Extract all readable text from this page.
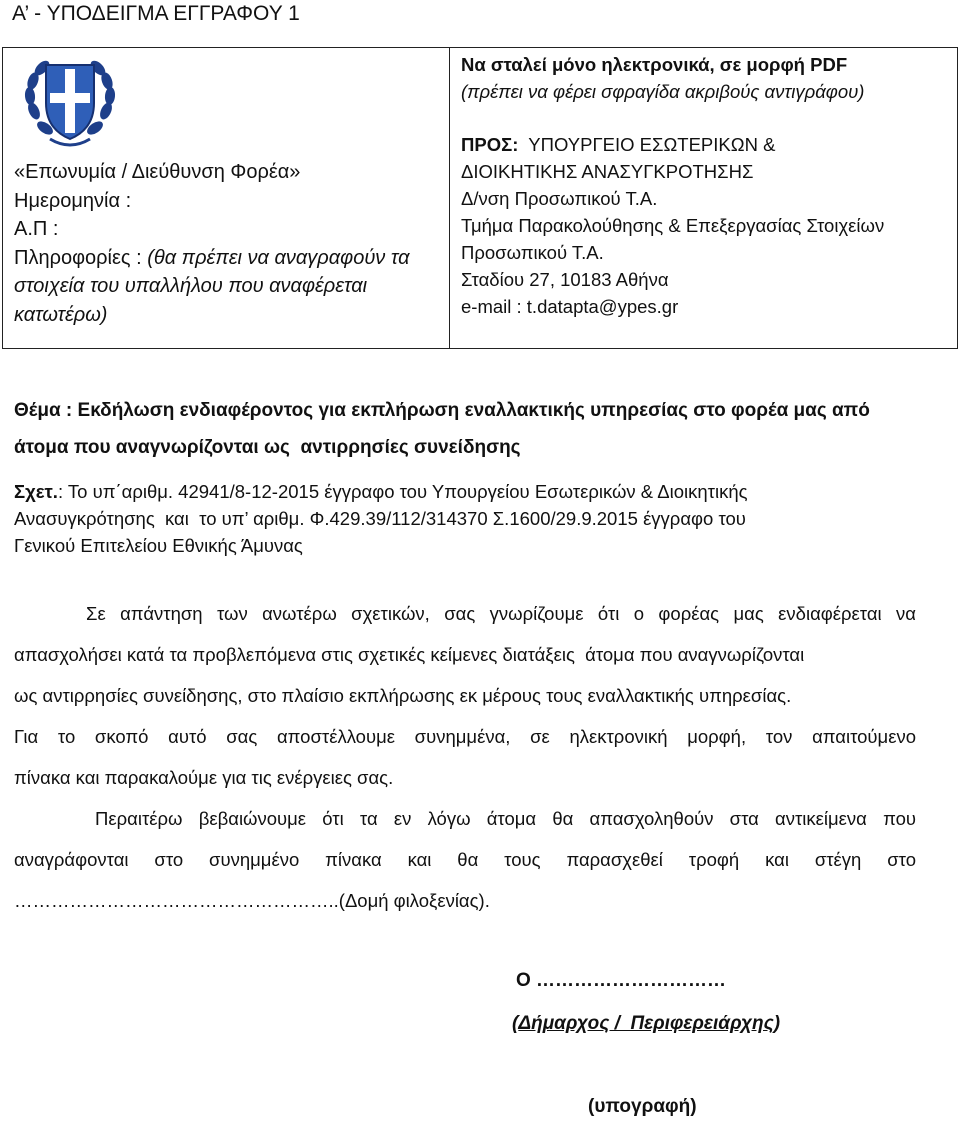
Α’ - ΥΠΟΔΕΙΓΜΑ ΕΓΓΡΑΦΟΥ 1
«Επωνυμία / Διεύθυνση Φορέα»
Ημερομηνία :
Α.Π :
Πληροφορίες : (θα πρέπει να αναγραφούν τα
στοιχεία του υπαλλήλου που αναφέρεται
κατωτέρω)
Να σταλεί μόνο ηλεκτρονικά, σε μορφή PDF
(πρέπει να φέρει σφραγίδα ακριβούς αντιγράφου)
ΠΡΟΣ:  ΥΠΟΥΡΓΕΙΟ ΕΣΩΤΕΡΙΚΩΝ &
ΔΙΟΙΚΗΤΙΚΗΣ ΑΝΑΣΥΓΚΡΟΤΗΣΗΣ
Δ/νση Προσωπικού Τ.Α.
Τμήμα Παρακολούθησης & Επεξεργασίας Στοιχείων
Προσωπικού Τ.Α.
Σταδίου 27, 10183 Αθήνα
e-mail : t.datapta@ypes.gr
Θέμα : Εκδήλωση ενδιαφέροντος για εκπλήρωση εναλλακτικής υπηρεσίας στο φορέα μας από
άτομα που αναγνωρίζονται ως  αντιρρησίες συνείδησης
Σχετ.: Το υπ΄αριθμ. 42941/8-12-2015 έγγραφο του Υπουργείου Εσωτερικών & Διοικητικής
Ανασυγκρότησης  και  το υπ’ αριθμ. Φ.429.39/112/314370 Σ.1600/29.9.2015 έγγραφο του
Γενικού Επιτελείου Εθνικής Άμυνας
Σε απάντηση των ανωτέρω σχετικών, σας γνωρίζουμε ότι ο φορέας μας ενδιαφέρεται να
απασχολήσει κατά τα προβλεπόμενα στις σχετικές κείμενες διατάξεις  άτομα που αναγνωρίζονται
ως αντιρρησίες συνείδησης, στο πλαίσιο εκπλήρωσης εκ μέρους τους εναλλακτικής υπηρεσίας.
Για το σκοπό αυτό σας αποστέλλουμε συνημμένα, σε ηλεκτρονική μορφή, τον απαιτούμενο
πίνακα και παρακαλούμε για τις ενέργειες σας.
Περαιτέρω βεβαιώνουμε ότι τα εν λόγω άτομα θα απασχοληθούν στα αντικείμενα που
αναγράφονται  στο  συνημμένο  πίνακα  και  θα  τους  παρασχεθεί  τροφή  και  στέγη  στο
……………………………………………..(Δομή φιλοξενίας).
Ο …………………………
(Δήμαρχος /  Περιφερειάρχης)
(υπογραφή)
